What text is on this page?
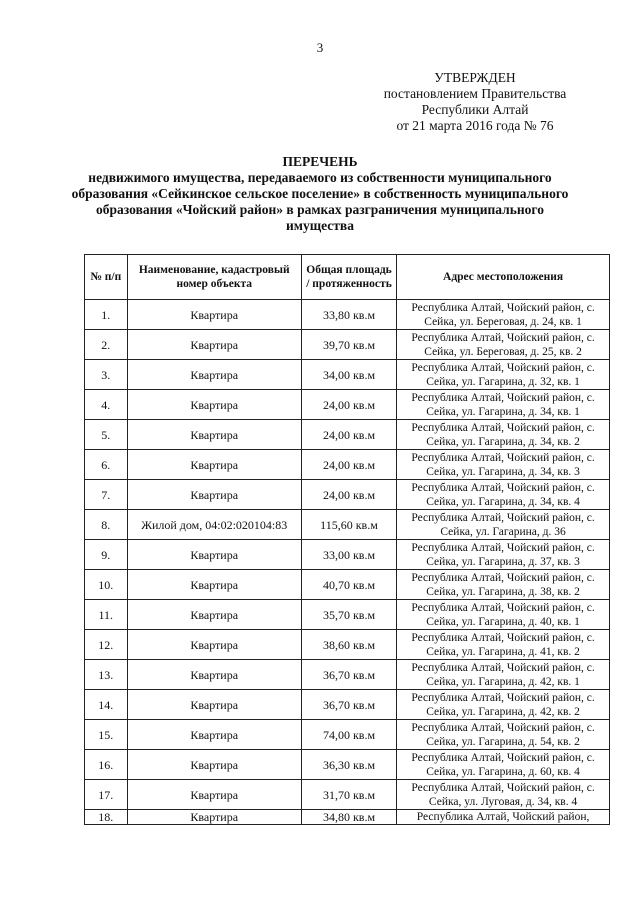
3
УТВЕРЖДЕН
постановлением Правительства
Республики Алтай
от 21 марта 2016 года № 76
ПЕРЕЧЕНЬ
недвижимого имущества, передаваемого из собственности муниципального образования «Сейкинское сельское поселение» в собственность муниципального образования «Чойский район» в рамках разграничения муниципального имущества
№ п/п	Наименование, кадастровый номер объекта	Общая площадь / протяженность	Адрес местоположения
1.	Квартира	33,80 кв.м	Республика Алтай, Чойский район, с. Сейка, ул. Береговая, д. 24, кв. 1
2.	Квартира	39,70 кв.м	Республика Алтай, Чойский район, с. Сейка, ул. Береговая, д. 25, кв. 2
3.	Квартира	34,00 кв.м	Республика Алтай, Чойский район, с. Сейка, ул. Гагарина, д. 32, кв. 1
4.	Квартира	24,00 кв.м	Республика Алтай, Чойский район, с. Сейка, ул. Гагарина, д. 34, кв. 1
5.	Квартира	24,00 кв.м	Республика Алтай, Чойский район, с. Сейка, ул. Гагарина, д. 34, кв. 2
6.	Квартира	24,00 кв.м	Республика Алтай, Чойский район, с. Сейка, ул. Гагарина, д. 34, кв. 3
7.	Квартира	24,00 кв.м	Республика Алтай, Чойский район, с. Сейка, ул. Гагарина, д. 34, кв. 4
8.	Жилой дом, 04:02:020104:83	115,60 кв.м	Республика Алтай, Чойский район, с. Сейка, ул. Гагарина, д. 36
9.	Квартира	33,00 кв.м	Республика Алтай, Чойский район, с. Сейка, ул. Гагарина, д. 37, кв. 3
10.	Квартира	40,70 кв.м	Республика Алтай, Чойский район, с. Сейка, ул. Гагарина, д. 38, кв. 2
11.	Квартира	35,70 кв.м	Республика Алтай, Чойский район, с. Сейка, ул. Гагарина, д. 40, кв. 1
12.	Квартира	38,60 кв.м	Республика Алтай, Чойский район, с. Сейка, ул. Гагарина, д. 41, кв. 2
13.	Квартира	36,70 кв.м	Республика Алтай, Чойский район, с. Сейка, ул. Гагарина, д. 42, кв. 1
14.	Квартира	36,70 кв.м	Республика Алтай, Чойский район, с. Сейка, ул. Гагарина, д. 42, кв. 2
15.	Квартира	74,00 кв.м	Республика Алтай, Чойский район, с. Сейка, ул. Гагарина, д. 54, кв. 2
16.	Квартира	36,30 кв.м	Республика Алтай, Чойский район, с. Сейка, ул. Гагарина, д. 60, кв. 4
17.	Квартира	31,70 кв.м	Республика Алтай, Чойский район, с. Сейка, ул. Луговая, д. 34, кв. 4
18.	Квартира	34,80 кв.м	Республика Алтай, Чойский район,
